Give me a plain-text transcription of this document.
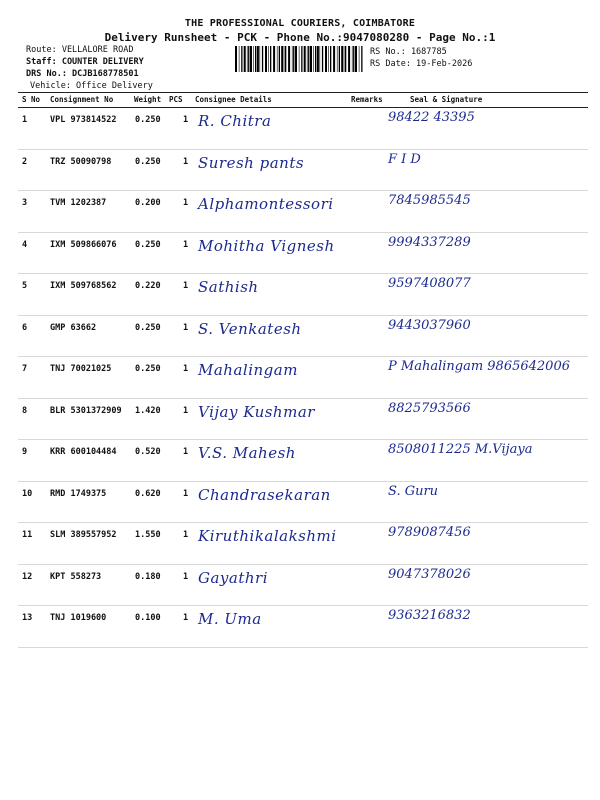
THE PROFESSIONAL COURIERS, COIMBATORE
Delivery Runsheet - PCK - Phone No.:9047080280 - Page No.:1
Route: VELLALORE ROAD
Staff: COUNTER DELIVERY
DRS No.: DCJB168778501
Vehicle: Office Delivery
RS No.: 1687785
RS Date: 19-Feb-2026
S No Consignment No	Weight PCS Consignee Details	Remarks	Seal & Signature
1	VPL 973814522 0.250	1 R. Chitra	98422 43395
2	TRZ 50090798	0.250	1 Suresh pants	F I D
3	TVM 1202387	0.200	1 Alphamontessori	7845985545
4	IXM 509866076 0.250	1 Mohitha Vignesh	9994337289
5	IXM 509768562 0.220	1 Sathish	9597408077
6	GMP 63662	0.250	1 S. Venkatesh	9443037960
7	TNJ 70021025	0.250	1 Mahalingam	P Mahalingam 9865642006
8	BLR 5301372909 1.420	1 Vijay Kushmar	8825793566
9	KRR 600104484 0.520	1 V.S. Mahesh	8508011225 M.Vijaya
10 RMD 1749375	0.620	1 Chandrasekaran	S. Guru
11 SLM 389557952 1.550	1 Kiruthikalakshmi	9789087456
12 KPT 558273	0.180	1 Gayathri	9047378026
13 TNJ 1019600	0.100	1 M. Uma	9363216832
